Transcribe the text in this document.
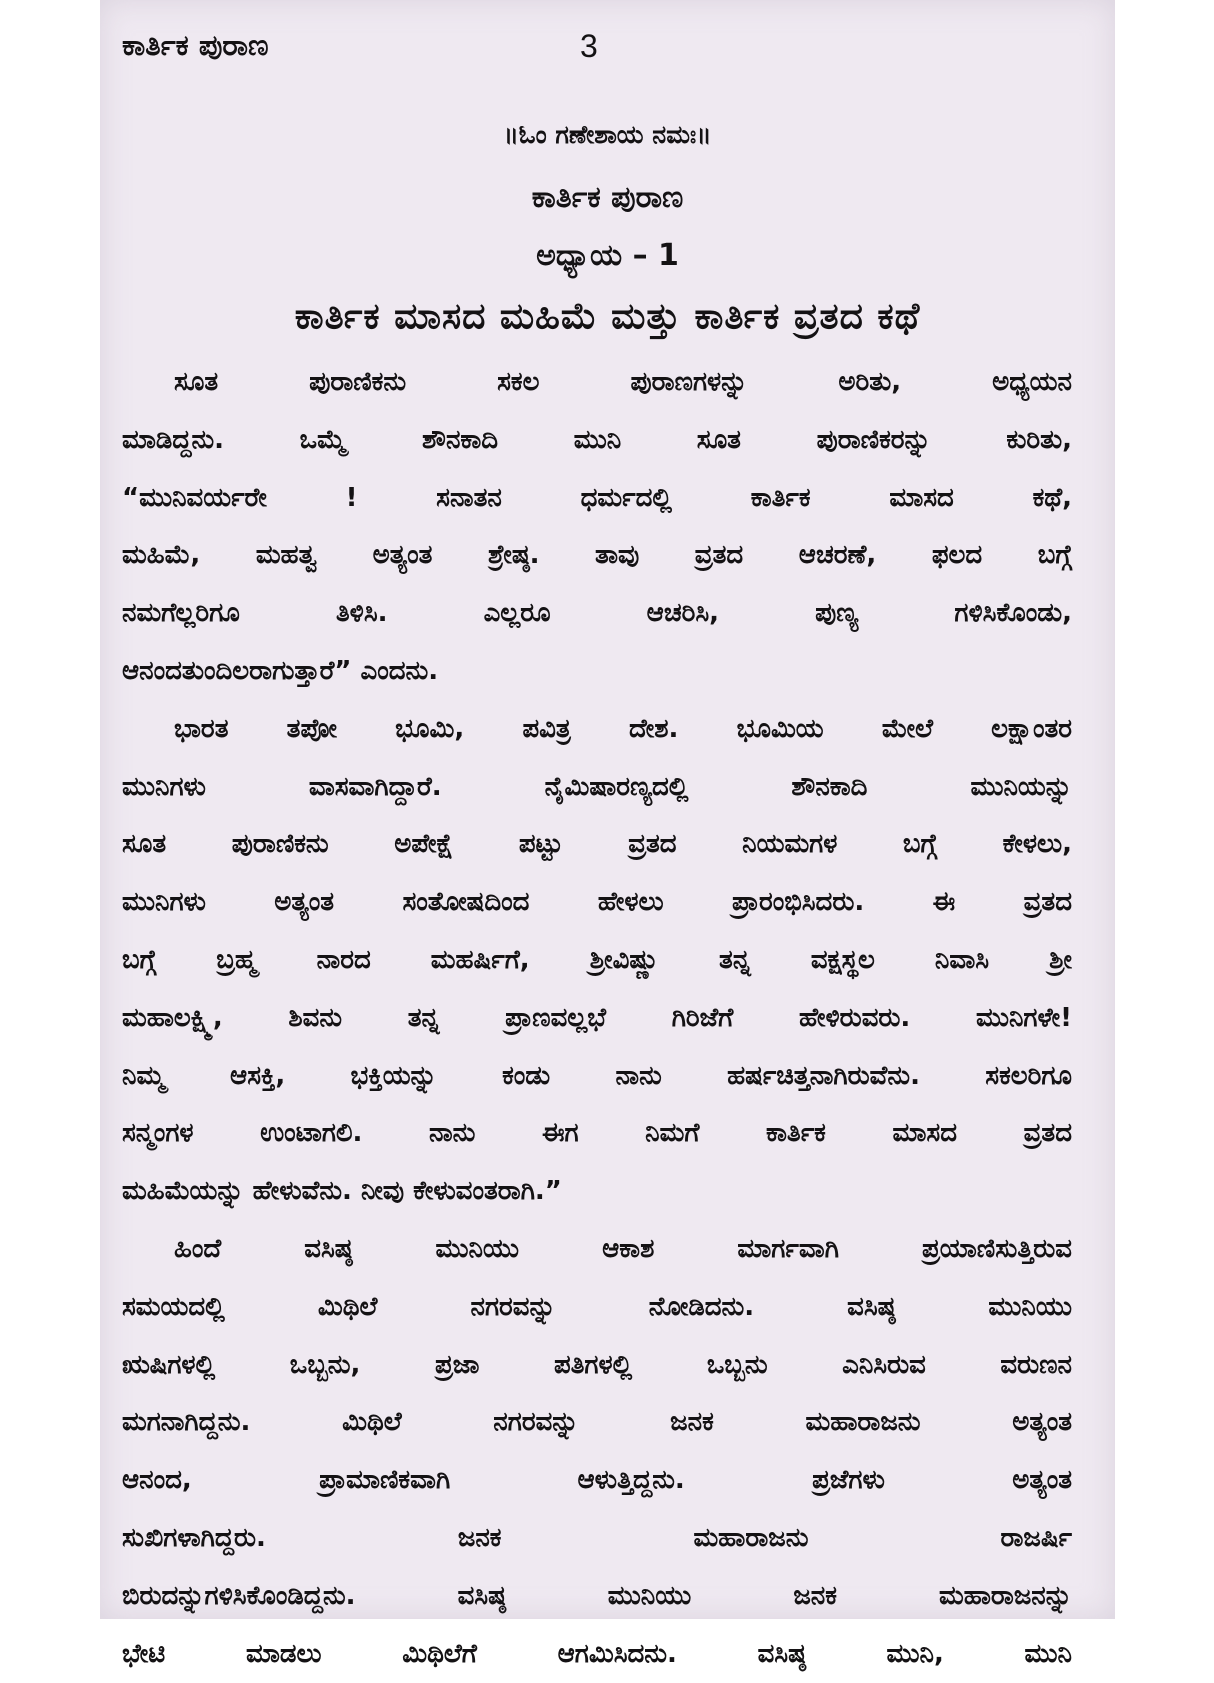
ಕಾರ್ತಿಕ ಪುರಾಣ	3
॥ಓಂ ಗಣೇಶಾಯ ನಮಃ॥
ಕಾರ್ತಿಕ ಪುರಾಣ
ಅಧ್ಯಾಯ – 1
ಕಾರ್ತಿಕ ಮಾಸದ ಮಹಿಮೆ ಮತ್ತು ಕಾರ್ತಿಕ ವ್ರತದ ಕಥೆ
ಸೂತ ಪುರಾಣಿಕನು ಸಕಲ ಪುರಾಣಗಳನ್ನು ಅರಿತು, ಅಧ್ಯಯನ
ಮಾಡಿದ್ದನು. ಒಮ್ಮೆ ಶೌನಕಾದಿ ಮುನಿ ಸೂತ ಪುರಾಣಿಕರನ್ನು ಕುರಿತು,
“ಮುನಿವರ್ಯರೇ ! ಸನಾತನ ಧರ್ಮದಲ್ಲಿ ಕಾರ್ತಿಕ ಮಾಸದ ಕಥೆ,
ಮಹಿಮೆ, ಮಹತ್ವ ಅತ್ಯಂತ ಶ್ರೇಷ್ಠ. ತಾವು ವ್ರತದ ಆಚರಣೆ, ಫಲದ ಬಗ್ಗೆ
ನಮಗೆಲ್ಲರಿಗೂ ತಿಳಿಸಿ. ಎಲ್ಲರೂ ಆಚರಿಸಿ, ಪುಣ್ಯ ಗಳಿಸಿಕೊಂಡು,
ಆನಂದತುಂದಿಲರಾಗುತ್ತಾರೆ” ಎಂದನು.
ಭಾರತ ತಪೋ ಭೂಮಿ, ಪವಿತ್ರ ದೇಶ. ಭೂಮಿಯ ಮೇಲೆ ಲಕ್ಷಾಂತರ
ಮುನಿಗಳು ವಾಸವಾಗಿದ್ದಾರೆ. ನೈಮಿಷಾರಣ್ಯದಲ್ಲಿ ಶೌನಕಾದಿ ಮುನಿಯನ್ನು
ಸೂತ ಪುರಾಣಿಕನು ಅಪೇಕ್ಷೆ ಪಟ್ಟು ವ್ರತದ ನಿಯಮಗಳ ಬಗ್ಗೆ ಕೇಳಲು,
ಮುನಿಗಳು ಅತ್ಯಂತ ಸಂತೋಷದಿಂದ ಹೇಳಲು ಪ್ರಾರಂಭಿಸಿದರು. ಈ ವ್ರತದ
ಬಗ್ಗೆ ಬ್ರಹ್ಮ ನಾರದ ಮಹರ್ಷಿಗೆ, ಶ್ರೀವಿಷ್ಣು ತನ್ನ ವಕ್ಷಸ್ಥಲ ನಿವಾಸಿ ಶ್ರೀ
ಮಹಾಲಕ್ಷ್ಮಿ, ಶಿವನು ತನ್ನ ಪ್ರಾಣವಲ್ಲಭೆ ಗಿರಿಜೆಗೆ ಹೇಳಿರುವರು. ಮುನಿಗಳೇ!
ನಿಮ್ಮ ಆಸಕ್ತಿ, ಭಕ್ತಿಯನ್ನು ಕಂಡು ನಾನು ಹರ್ಷಚಿತ್ತನಾಗಿರುವೆನು. ಸಕಲರಿಗೂ
ಸನ್ಮಂಗಳ ಉಂಟಾಗಲಿ. ನಾನು ಈಗ ನಿಮಗೆ ಕಾರ್ತಿಕ ಮಾಸದ ವ್ರತದ
ಮಹಿಮೆಯನ್ನು ಹೇಳುವೆನು. ನೀವು ಕೇಳುವಂತರಾಗಿ.”
ಹಿಂದೆ ವಸಿಷ್ಠ ಮುನಿಯು ಆಕಾಶ ಮಾರ್ಗವಾಗಿ ಪ್ರಯಾಣಿಸುತ್ತಿರುವ
ಸಮಯದಲ್ಲಿ ಮಿಥಿಲೆ ನಗರವನ್ನು ನೋಡಿದನು. ವಸಿಷ್ಠ ಮುನಿಯು
ಋಷಿಗಳಲ್ಲಿ ಒಬ್ಬನು, ಪ್ರಜಾ ಪತಿಗಳಲ್ಲಿ ಒಬ್ಬನು ಎನಿಸಿರುವ ವರುಣನ
ಮಗನಾಗಿದ್ದನು. ಮಿಥಿಲೆ ನಗರವನ್ನು ಜನಕ ಮಹಾರಾಜನು ಅತ್ಯಂತ
ಆನಂದ, ಪ್ರಾಮಾಣಿಕವಾಗಿ ಆಳುತ್ತಿದ್ದನು. ಪ್ರಜೆಗಳು ಅತ್ಯಂತ
ಸುಖಿಗಳಾಗಿದ್ದರು. ಜನಕ ಮಹಾರಾಜನು ರಾಜರ್ಷಿ
ಬಿರುದನ್ನುಗಳಿಸಿಕೊಂಡಿದ್ದನು. ವಸಿಷ್ಠ ಮುನಿಯು ಜನಕ ಮಹಾರಾಜನನ್ನು
ಭೇಟಿ ಮಾಡಲು ಮಿಥಿಲೆಗೆ ಆಗಮಿಸಿದನು. ವಸಿಷ್ಠ ಮುನಿ, ಮುನಿ
